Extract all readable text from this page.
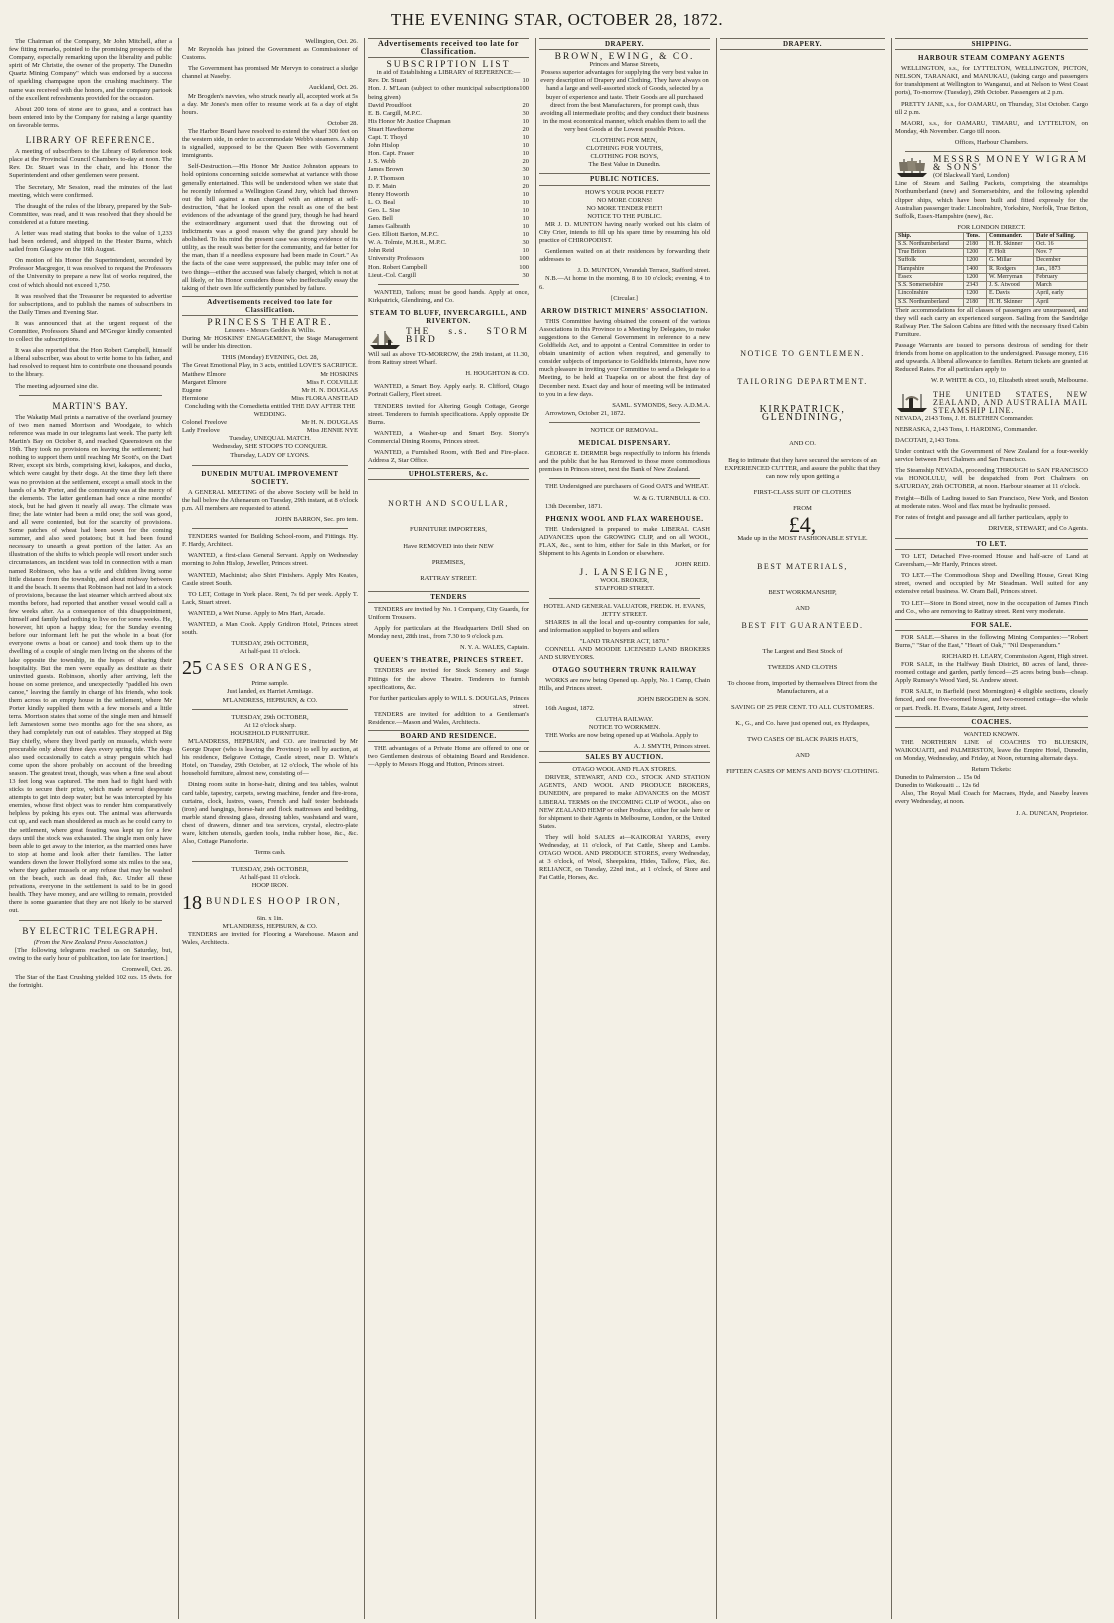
THE EVENING STAR, OCTOBER 28, 1872.

The Chairman of the Company, Mr John Mitchell, after a few fitting remarks, pointed to the promising prospects of the Company, especially remarking upon the liberality and public spirit of Mr Christie, the owner of the property. The Dunedin Quartz Mining Company" which was endorsed by a success of sparkling champagne upon the crushing machinery. The name was received with due honors, and the company partook of the excellent refreshments provided for the occasion.

About 200 tons of stone are to grass, and a contract has been entered into by the Company for raising a large quantity on favorable terms.

LIBRARY OF REFERENCE.

A meeting of subscribers to the Library of Reference took place at the Provincial Council Chambers to-day at noon. The Rev. Dr. Stuart was in the chair, and his Honor the Superintendent and other gentlemen were present.

The Secretary, Mr Session, read the minutes of the last meeting, which were confirmed.

The draught of the rules of the library, prepared by the Sub-Committee, was read, and it was resolved that they should be considered at a future meeting.

A letter was read stating that books to the value of 1,233 had been ordered, and shipped in the Hester Burns, which sailed from Glasgow on the 16th August.

On motion of his Honor the Superintendent, seconded by Professor Macgregor, it was resolved to request the Professors of the University to prepare a new list of works required, the cost of which should not exceed 1,750.

It was resolved that the Treasurer be requested to advertise for subscriptions, and to publish the names of subscribers in the Daily Times and Evening Star.

It was announced that at the urgent request of the Committee, Professors Shand and M'Gregor kindly consented to collect the subscriptions.

It was also reported that the Hon Robert Campbell, himself a liberal subscriber, was about to write home to his father, and had resolved to request him to contribute one thousand pounds to the library.

The meeting adjourned sine die.

MARTIN'S BAY.

The Wakatip Mail prints a narrative of the overland journey of two men named Morrison and Woodgate, to which reference was made in our telegrams last week. The party left Martin's Bay on October 8, and reached Queenstown on the 19th. They took no provisions on leaving the settlement; had nothing to support them until reaching Mr Scott's, on the Dart River, except six birds, comprising kiwi, kakapos, and ducks, which were caught by their dogs. At the time they left there was no provision at the settlement, except a small stock in the hands of a Mr Porter, and the community was at the mercy of the elements. The latter gentleman had once a nine months' stock, but he had given it nearly all away. The climate was fine; the late winter had been a mild one; the soil was good, and all were contented, but for the scarcity of provisions. Some patches of wheat had been sown for the coming summer, and also seed potatoes; but it had been found necessary to unearth a great portion of the latter. As an illustration of the shifts to which people will resort under such circumstances, an incident was told in connection with a man named Robinson, who has a wife and children living some little distance from the township, and about midway between it and the beach. It seems that Robinson had not laid in a stock of provisions, because the last steamer which arrived about six months before, had reported that another vessel would call a few weeks after. As a consequence of this disappointment, himself and family had nothing to live on for some weeks. He, however, hit upon a happy idea; for the Sunday evening before our informant left he put the whole in a boat (for everyone owns a boat or canoe) and took them up to the dwelling of a couple of single men living on the shores of the lake opposite the township, in the hopes of sharing their hospitality. But the men were equally as destitute as their uninvited guests. Robinson, shortly after arriving, left the house on some pretence, and unexpectedly "paddled his own canoe," leaving the family in charge of his friends, who took them across to an empty house in the settlement, where Mr Porter kindly supplied them with a few morsels and a little terra. Morrison states that some of the single men and himself left Jamestown some two months ago for the sea shore, as they had completely run out of eatables. They stopped at Big Bay chiefly, where they lived partly on mussels, which were procurable only about three days every spring tide. The dogs also used occasionally to catch a stray penguin which had come upon the shore probably on account of the breeding season. The greatest treat, though, was when a fine seal about 13 feet long was captured. The men had to fight hard with sticks to secure their prize, which made several desperate attempts to get into deep water; but he was intercepted by his enemies, whose first object was to render him comparatively helpless by poking his eyes out. The animal was afterwards cut up, and each man shouldered as much as he could carry to the settlement, where great feasting was kept up for a few days until the stock was exhausted. The single men only have been able to get away to the interior, as the married ones have to stop at home and look after their families. The latter wanders down the lower Hollyford some six miles to the sea, where they gather mussels or any refuse that may be washed on the beach, such as dead fish, &c. Under all these privations, everyone in the settlement is said to be in good health. They have money, and are willing to remain, provided there is some guarantee that they are not likely to be starved out.

BY ELECTRIC TELEGRAPH.
(From the New Zealand Press Association.)

[The following telegrams reached us on Saturday, but, owing to the early hour of publication, too late for insertion.]

Cromwell, Oct. 26.

The Star of the East Crushing yielded 102 ozs. 15 dwts. for the fortnight.

Wellington, Oct. 26.

Mr Reynolds has joined the Government as Commissioner of Customs.

The Government has promised Mr Mervyn to construct a sludge channel at Naseby.

Auckland, Oct. 26.

Mr Brogden's navvies, who struck nearly all, accepted work at 5s a day. Mr Jones's men offer to resume work at 6s a day of eight hours.

October 28.

The Harbor Board have resolved to extend the wharf 300 feet on the western side, in order to accommodate Webb's steamers. A ship is signalled, supposed to be the Queen Bee with Government immigrants.

Self-Destruction.—His Honor Mr Justice Johnston appears to hold opinions concerning suicide somewhat at variance with those generally entertained. This will be understood when we state that he recently informed a Wellington Grand Jury, which had thrown out the bill against a man charged with an attempt at self-destruction, "that he looked upon the result as one of the best evidences of the advantage of the grand jury, though he had heard the extraordinary argument used that the throwing out of indictments was a good reason why the grand jury should be abolished. To his mind the present case was strong evidence of its utility, as the result was better for the community, and far better for the man, than if a needless exposure had been made in Court." As the facts of the case were suppressed, the public may infer one of two things—either the accused was falsely charged, which is not at all likely, or his Honor considers those who ineffectually essay the taking of their own life sufficiently punished by failure.

Advertisements received too late for Classification.
PRINCESS THEATRE.
Lessees - Messrs Geddes & Willis.

During Mr HOSKINS' ENGAGEMENT, the Stage Management will be under his direction.

THIS (Monday) EVENING, Oct. 28,
The Great Emotional Play, in 3 acts, entitled LOVE'S SACRIFICE.
Matthew Elmore	Mr HOSKINS
Margaret Elmore	Miss F. COLVILLE
Eugene	Mr H. N. DOUGLAS
Hermione	Miss FLORA ANSTEAD
Concluding with the Comedietta entitled THE DAY AFTER THE WEDDING.
Colonel Freelove	Mr H. N. DOUGLAS
Lady Freelove	Miss JENNIE NYE
Tuesday, UNEQUAL MATCH.
Wednesday, SHE STOOPS TO CONQUER.
Thursday, LADY OF LYONS.
DUNEDIN MUTUAL IMPROVEMENT SOCIETY.

A GENERAL MEETING of the above Society will be held in the hall below the Athenaeum on Tuesday, 29th instant, at 8 o'clock p.m. All members are requested to attend.

JOHN BARRON, Sec. pro tem.

TENDERS wanted for Building School-room, and Fittings. Hy. F. Hardy, Architect.

WANTED, a first-class General Servant. Apply on Wednesday morning to John Hislop, Jeweller, Princes street.

WANTED, Machinist; also Shirt Finishers. Apply Mrs Keates, Castle street South.

TO LET, Cottage in York place. Rent, 7s 6d per week. Apply T. Lack, Stuart street.

WANTED, a Wet Nurse. Apply to Mrs Hart, Arcade.

WANTED, a Man Cook. Apply Gridiron Hotel, Princes street south.

TUESDAY, 29th OCTOBER,
At half-past 11 o'clock.
25 CASES ORANGES,
Prime sample.
Just landed, ex Harriet Armitage.
M'LANDRESS, HEPBURN, & CO.
TUESDAY, 29th OCTOBER,
At 12 o'clock sharp.
HOUSEHOLD FURNITURE.

M'LANDRESS, HEPBURN, and CO. are instructed by Mr George Draper (who is leaving the Province) to sell by auction, at his residence, Belgrave Cottage, Castle street, near D. White's Hotel, on Tuesday, 29th October, at 12 o'clock, The whole of his household furniture, almost new, consisting of—

Dining room suite in horse-hair, dining and tea tables, walnut card table, tapestry, carpets, sewing machine, fender and fire-irons, curtains, clock, lustres, vases, French and half tester bedsteads (iron) and hangings, horse-hair and flock mattresses and bedding, marble stand dressing glass, dressing tables, washstand and ware, chest of drawers, dinner and tea services, crystal, electro-plate ware, kitchen utensils, garden tools, india rubber hose, &c., &c. Also, Cottage Pianoforte.

Terms cash.
TUESDAY, 29th OCTOBER,
At half-past 11 o'clock.
HOOP IRON.
18 BUNDLES HOOP IRON,
6in. x 1in.
M'LANDRESS, HEPBURN, & CO.

TENDERS are invited for Flooring a Warehouse. Mason and Wales, Architects.

Advertisements received too late for Classification.
SUBSCRIPTION LIST
in aid of Establishing a LIBRARY of REFERENCE:—
Rev. Dr. Stuart	10
Hon. J. M'Lean (subject to other municipal subscriptions being given)
100
David Proudfoot	20
E. B. Cargill, M.P.C.	30
His Honor Mr Justice Chapman	10
Stuart Hawthorne	20
Capt. T. Thoyd	10
John Hislop	10
Hon. Capt. Fraser	10
J. S. Webb	20
James Brown	30
J. P. Thomson	10
D. F. Main	20
Henry Howorth	10
L. O. Beal	10
Geo. L. Sise	10
Geo. Bell	10
James Galbraith	10
Geo. Elliott Barton, M.P.C.	10
W. A. Tolmie, M.H.R., M.P.C.	30
John Reid	10
University Professors	100
Hon. Robert Campbell	100
Lieut.-Col. Cargill	30

WANTED, Tailors; must be good hands. Apply at once, Kirkpatrick, Glendining, and Co.

STEAM TO BLUFF, INVERCARGILL, AND RIVERTON.
THE s.s. STORM BIRD

Will sail as above TO-MORROW, the 29th instant, at 11.30, from Rattray street Wharf.

H. HOUGHTON & CO.

WANTED, a Smart Boy. Apply early. R. Clifford, Otago Portrait Gallery, Fleet street.

TENDERS invited for Altering Gough Cottage, George street. Tenderers to furnish specifications. Apply opposite Dr Burns.

WANTED, a Washer-up and Smart Boy. Storry's Commercial Dining Rooms, Princes street.

WANTED, a Furnished Room, with Bed and Fire-place. Address Z, Star Office.

UPHOLSTERERS, &c.

NORTH AND SCOULLAR,

FURNITURE IMPORTERS,

Have REMOVED into their NEW

PREMISES,

RATTRAY STREET.

TENDERS

TENDERS are invited by No. 1 Company, City Guards, for Uniform Trousers.

Apply for particulars at the Headquarters Drill Shed on Monday next, 28th inst., from 7.30 to 9 o'clock p.m.

N. Y. A. WALES, Captain.
QUEEN'S THEATRE, PRINCES STREET.

TENDERS are invited for Stock Scenery and Stage Fittings for the above Theatre. Tenderers to furnish specifications, &c.

For further particulars apply to WILL S. DOUGLAS, Princes street.

TENDERS are invited for addition to a Gentleman's Residence.—Mason and Wales, Architects.

BOARD AND RESIDENCE.

THE advantages of a Private Home are offered to one or two Gentlemen desirous of obtaining Board and Residence.—Apply to Messrs Hogg and Hutton, Princes street.

DRAPERY.
BROWN, EWING, & CO.
Princes and Manse Streets,

Possess superior advantages for supplying the very best value in every description of Drapery and Clothing. They have always on hand a large and well-assorted stock of Goods, selected by a buyer of experience and taste. Their Goods are all purchased direct from the best Manufacturers, for prompt cash, thus avoiding all intermediate profits; and they conduct their business in the most economical manner, which enables them to sell the very best Goods at the Lowest possible Prices.

CLOTHING FOR MEN,
CLOTHING FOR YOUTHS,
CLOTHING FOR BOYS,
The Best Value in Dunedin.
PUBLIC NOTICES.
HOW'S YOUR POOR FEET?
NO MORE CORNS!
NO MORE TENDER FEET!
NOTICE TO THE PUBLIC.

MR J. D. MUNTON having nearly worked out his claim of City Crier, intends to fill up his spare time by resuming his old practice of CHIROPODIST.

Gentlemen waited on at their residences by forwarding their addresses to

J. D. MUNTON, Verandah Terrace, Stafford street.

N.B.—At home in the morning, 8 to 10 o'clock; evening, 4 to 6.

[Circular.]
ARROW DISTRICT MINERS' ASSOCIATION.

THIS Committee having obtained the consent of the various Associations in this Province to a Meeting by Delegates, to make suggestions to the General Government in reference to a new Goldfields Act, and to appoint a Central Committee in order to obtain unanimity of action when required, and generally to consider subjects of importance to Goldfields interests, have now much pleasure in inviting your Committee to send a Delegate to a Meeting, to be held at Tuapeka on or about the first day of December next. Exact day and hour of meeting will be intimated to you in a few days.

SAML. SYMONDS, Secy. A.D.M.A.

Arrowtown, October 21, 1872.

NOTICE OF REMOVAL.
MEDICAL DISPENSARY.

GEORGE E. DERMER begs respectfully to inform his friends and the public that he has Removed to those more commodious premises in Princes street, next the Bank of New Zealand.

THE Undersigned are purchasers of Good OATS and WHEAT.

W. & G. TURNBULL & CO.

13th December, 1871.

PHŒNIX WOOL AND FLAX WAREHOUSE.

THE Undersigned is prepared to make LIBERAL CASH ADVANCES upon the GROWING CLIP, and on all WOOL, FLAX, &c., sent to him, either for Sale in this Market, or for Shipment to his Agents in London or elsewhere.

JOHN REID.
J. LANSEIGNE,
WOOL BROKER,
STAFFORD STREET.
HOTEL AND GENERAL VALUATOR, FREDK. H. EVANS, JETTY STREET.

SHARES in all the local and up-country companies for sale, and information supplied to buyers and sellers

"LAND TRANSFER ACT, 1870."

CONNELL AND MOODIE LICENSED LAND BROKERS AND SURVEYORS.

OTAGO SOUTHERN TRUNK RAILWAY

WORKS are now being Opened up. Apply, No. 1 Camp, Chain Hills, and Princes street.

JOHN BROGDEN & SON.

16th August, 1872.

CLUTHA RAILWAY.
NOTICE TO WORKMEN.

THE Works are now being opened up at Waihola. Apply to

A. J. SMYTH, Princes street.
SALES BY AUCTION.
OTAGO WOOL AND FLAX STORES.

DRIVER, STEWART, AND CO., STOCK AND STATION AGENTS, AND WOOL AND PRODUCE BROKERS, DUNEDIN, are prepared to make ADVANCES on the MOST LIBERAL TERMS on the INCOMING CLIP of WOOL, also on NEW ZEALAND HEMP or other Produce, either for sale here or for shipment to their Agents in Melbourne, London, or the United States.

They will hold SALES at—KAIKORAI YARDS, every Wednesday, at 11 o'clock, of Fat Cattle, Sheep and Lambs. OTAGO WOOL AND PRODUCE STORES, every Wednesday, at 3 o'clock, of Wool, Sheepskins, Hides, Tallow, Flax, &c. RELIANCE, on Tuesday, 22nd inst., at 1 o'clock, of Store and Fat Cattle, Horses, &c.

DRAPERY.

NOTICE TO GENTLEMEN.

TAILORING DEPARTMENT.

KIRKPATRICK, GLENDINING,

AND CO.

Beg to intimate that they have secured the services of an EXPERIENCED CUTTER, and assure the public that they can now rely upon getting a

FIRST-CLASS SUIT OF CLOTHES

FROM

£4,

Made up in the MOST FASHIONABLE STYLE.

BEST MATERIALS,

BEST WORKMANSHIP,

AND

BEST FIT GUARANTEED.

The Largest and Best Stock of

TWEEDS AND CLOTHS

To choose from, imported by themselves Direct from the Manufacturers, at a

SAVING OF 25 PER CENT. TO ALL CUSTOMERS.

K., G., and Co. have just opened out, ex Hydaspes,

TWO CASES OF BLACK PARIS HATS,

AND

FIFTEEN CASES OF MEN'S AND BOYS' CLOTHING.

SHIPPING.
HARBOUR STEAM COMPANY AGENTS

WELLINGTON, s.s., for LYTTELTON, WELLINGTON, PICTON, NELSON, TARANAKI, and MANUKAU, (taking cargo and passengers for transhipment at Wellington to Wanganui, and at Nelson to West Coast ports), To-morrow (Tuesday), 29th October. Passengers at 2 p.m.

PRETTY JANE, s.s., for OAMARU, on Thursday, 31st October. Cargo till 2 p.m.

MAORI, s.s., for OAMARU, TIMARU, and LYTTELTON, on Monday, 4th November. Cargo till noon.

Offices, Harbour Chambers.
MESSRS MONEY WIGRAM & SONS'
(Of Blackwall Yard, London)

Line of Steam and Sailing Packets, comprising the steamships Northumberland (new) and Somersetshire, and the following splendid clipper ships, which have been built and fitted expressly for the Australian passenger trade: Lincolnshire, Yorkshire, Norfolk, True Briton, Suffolk, Essex-Hampshire (new), &c.

FOR LONDON DIRECT.
Ship.	Tons.	Commander.	Date of Sailing.
S.S. Northumberland	2180	H. H. Skinner	Oct. 16
True Briton	1200	F. Holt	Nov. 7
Suffolk	1200	G. Millar	December
Hampshire	1400	R. Rodgers	Jan., 1873
Essex	1200	W. Merryman	February
S.S. Somersetshire	2343	J. S. Atwood	March
Lincolnshire	1200	E. Davis	April, early
S.S. Northumberland	2180	H. H. Skinner	April

Their accommodations for all classes of passengers are unsurpassed, and they will each carry an experienced surgeon. Sailing from the Sandridge Railway Pier. The Saloon Cabins are fitted with the necessary fixed Cabin Furniture.

Passage Warrants are issued to persons desirous of sending for their friends from home on application to the undersigned. Passage money, £16 and upwards. A liberal allowance to families. Return tickets are granted at Reduced Rates. For all particulars apply to

W. P. WHITE & CO., 10, Elizabeth street south, Melbourne.
THE UNITED STATES, NEW ZEALAND, AND AUSTRALIA MAIL STEAMSHIP LINE.

NEVADA, 2143 Tons, J. H. BLETHEN Commander.

NEBRASKA, 2,143 Tons, I. HARDING, Commander.

DACOTAH, 2,143 Tons.

Under contract with the Government of New Zealand for a four-weekly service between Port Chalmers and San Francisco.

The Steamship NEVADA, proceeding THROUGH to SAN FRANCISCO via HONOLULU, will be despatched from Port Chalmers on SATURDAY, 26th OCTOBER, at noon. Harbour steamer at 11 o'clock.

Freight—Bills of Lading issued to San Francisco, New York, and Boston at moderate rates. Wool and flax must be hydraulic pressed.

For rates of freight and passage and all farther particulars, apply to

DRIVER, STEWART, and Co Agents.
TO LET.

TO LET, Detached Five-roomed House and half-acre of Land at Caversham,—Mr Hardy, Princes street.

TO LET.—The Commodious Shop and Dwelling House, Great King street, owned and occupied by Mr Steadman. Well suited for any extensive retail business. W. Oram Ball, Princes street.

TO LET—Store in Bond street, now in the occupation of James Finch and Co., who are removing to Rattray street. Rent very moderate.

FOR SALE.

FOR SALE.—Shares in the following Mining Companies:—"Robert Burns," "Star of the East," "Heart of Oak," "Nil Desperandum."

RICHARD H. LEARY, Commission Agent, High street.

FOR SALE, in the Halfway Bush District, 80 acres of land, three-roomed cottage and garden, partly fenced—25 acres being bush—cheap. Apply Rumsey's Wood Yard, St. Andrew street.

FOR SALE, in Barfield (next Mornington) 4 eligible sections, closely fenced, and one five-roomed house, and two-roomed cottage—the whole or part. Fredk. H. Evans, Estate Agent, Jetty street.

COACHES.
WANTED KNOWN.

THE NORTHERN LINE of COACHES TO BLUESKIN, WAIKOUAITI, and PALMERSTON, leave the Empire Hotel, Dunedin, on Monday, Wednesday, and Friday, at Noon, returning alternate days.

Return Tickets:
Dunedin to Palmerston ... 15s 0d
Dunedin to Waikouaiti ... 12s 6d

Also, The Royal Mail Coach for Macraes, Hyde, and Naseby leaves every Wednesday, at noon.

J. A. DUNCAN, Proprietor.
